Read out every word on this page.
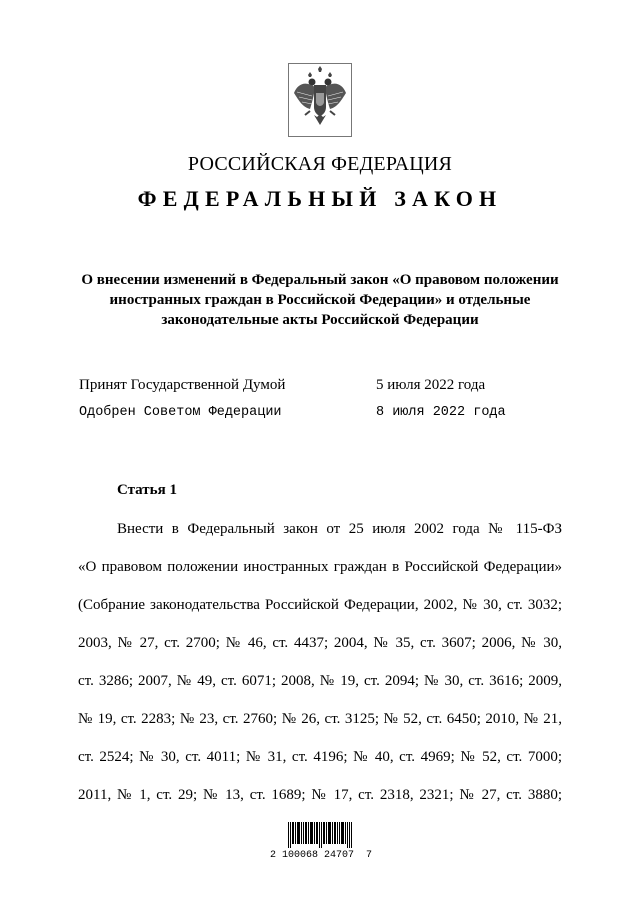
РОССИЙСКАЯ ФЕДЕРАЦИЯ
ФЕДЕРАЛЬНЫЙ ЗАКОН
О внесении изменений в Федеральный закон «О правовом положении
иностранных граждан в Российской Федерации» и отдельные
законодательные акты Российской Федерации
Принят Государственной Думой	5 июля 2022 года
Одобрен Советом Федерации	8 июля 2022 года
Статья 1
Внести в Федеральный закон от 25 июля 2002 года № 115-ФЗ
«О правовом положении иностранных граждан в Российской Федерации»
(Собрание законодательства Российской Федерации, 2002, № 30, ст. 3032;
2003, № 27, ст. 2700; № 46, ст. 4437; 2004, № 35, ст. 3607; 2006, № 30,
ст. 3286; 2007, № 49, ст. 6071; 2008, № 19, ст. 2094; № 30, ст. 3616; 2009,
№ 19, ст. 2283; № 23, ст. 2760; № 26, ст. 3125; № 52, ст. 6450; 2010, № 21,
ст. 2524; № 30, ст. 4011; № 31, ст. 4196; № 40, ст. 4969; № 52, ст. 7000;
2011, № 1, ст. 29; № 13, ст. 1689; № 17, ст. 2318, 2321; № 27, ст. 3880;
2 100068 24707  7
